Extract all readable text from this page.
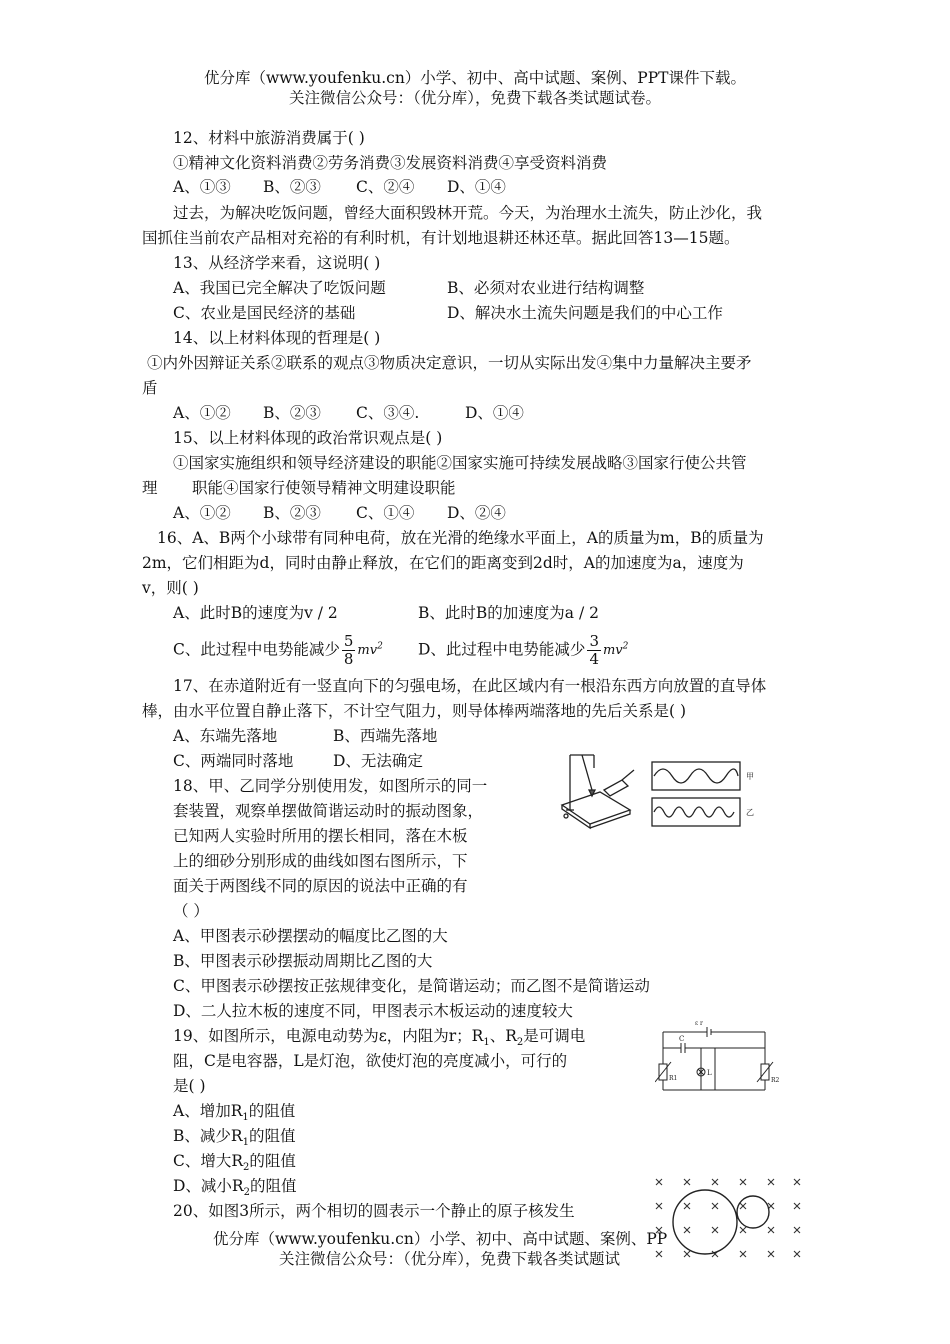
优分库（www.youfenku.cn）小学、初中、高中试题、案例、PPT课件下载。
关注微信公众号：（优分库），免费下载各类试题试卷。
12、材料中旅游消费属于( )
①精神文化资料消费②劳务消费③发展资料消费④享受资料消费
A、①③ B、②③ C、②④ D、①④
过去，为解决吃饭问题，曾经大面积毁林开荒。今天，为治理水土流失，防止沙化，我
国抓住当前农产品相对充裕的有利时机，有计划地退耕还林还草。据此回答13—15题。
13、从经济学来看，这说明( )
A、我国已完全解决了吃饭问题	B、必须对农业进行结构调整
C、农业是国民经济的基础	D、解决水土流失问题是我们的中心工作
14、以上材料体现的哲理是( )
①内外因辩证关系②联系的观点③物质决定意识，一切从实际出发④集中力量解决主要矛
盾
A、①② B、②③ C、③④.	D、①④
15、以上材料体现的政治常识观点是( )
①国家实施组织和领导经济建设的职能②国家实施可持续发展战略③国家行使公共管
理 职能④国家行使领导精神文明建设职能
A、①② B、②③ C、①④ D、②④
16、A、B两个小球带有同种电荷，放在光滑的绝缘水平面上，A的质量为m，B的质量为
2m，它们相距为d，同时由静止释放，在它们的距离变到2d时，A的加速度为a，速度为
v，则( )
A、此时B的速度为v / 2	B、此时B的加速度为a / 2
C、此过程中电势能减少 $\frac{5}{8} mv^2$ D、此过程中电势能减少 $\frac{3}{4} mv^2$
17、在赤道附近有一竖直向下的匀强电场，在此区域内有一根沿东西方向放置的直导体
棒，由水平位置自静止落下，不计空气阻力，则导体棒两端落地的先后关系是( )
A、东端先落地	B、西端先落地
C、两端同时落地	D、无法确定
18、甲、乙同学分别使用发，如图所示的同一
套装置，观察单摆做简谐运动时的振动图象，
已知两人实验时所用的摆长相同，落在木板
上的细砂分别形成的曲线如图右图所示，下
面关于两图线不同的原因的说法中正确的有
（ ）
A、甲图表示砂摆摆动的幅度比乙图的大
B、甲图表示砂摆振动周期比乙图的大
C、甲图表示砂摆按正弦规律变化，是简谐运动；而乙图不是简谐运动
D、二人拉木板的速度不同，甲图表示木板运动的速度较大
甲
乙
19、如图所示，电源电动势为ε，内阻为r；$R_1$、$R_2$是可调电
阻，C是电容器，L是灯泡，欲使灯泡的亮度减小，可行的
是( )
A、增加$R_1$的阻值
B、减少$R_1$的阻值
C、增大$R_2$的阻值
D、减小$R_2$的阻值
ε r
C
L
R1	R2
20、如图3所示，两个相切的圆表示一个静止的原子核发生
优分库（www.youfenku.cn）小学、初中、高中试题、案例、PP
关注微信公众号：（优分库），免费下载各类试题试
